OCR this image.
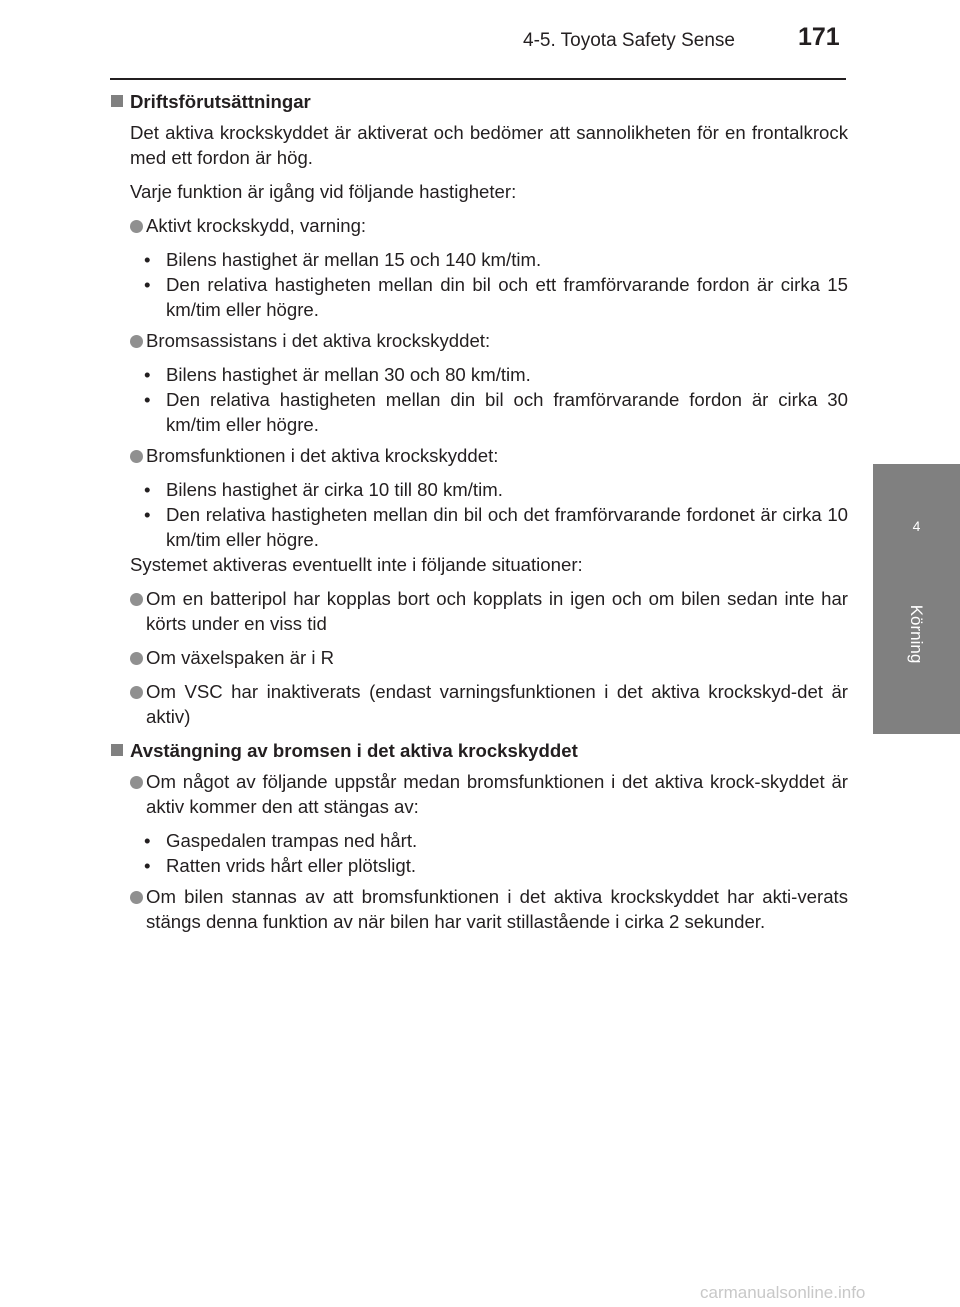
4-5. Toyota Safety Sense	171
4
Körning

Driftsförutsättningar

Det aktiva krockskyddet är aktiverat och bedömer att sannolikheten för en frontalkrock med ett fordon är hög.

Varje funktion är igång vid följande hastigheter:

Aktivt krockskydd, varning:

• Bilens hastighet är mellan 15 och 140 km/tim.

• Den relativa hastigheten mellan din bil och ett framförvarande fordon är cirka 15 km/tim eller högre.

Bromsassistans i det aktiva krockskyddet:

• Bilens hastighet är mellan 30 och 80 km/tim.

• Den relativa hastigheten mellan din bil och framförvarande fordon är cirka 30 km/tim eller högre.

Bromsfunktionen i det aktiva krockskyddet:

• Bilens hastighet är cirka 10 till 80 km/tim.

• Den relativa hastigheten mellan din bil och det framförvarande fordonet är cirka 10 km/tim eller högre.

Systemet aktiveras eventuellt inte i följande situationer:

Om en batteripol har kopplas bort och kopplats in igen och om bilen sedan inte har körts under en viss tid

Om växelspaken är i R

Om VSC har inaktiverats (endast varningsfunktionen i det aktiva krockskyd-det är aktiv)

Avstängning av bromsen i det aktiva krockskyddet

Om något av följande uppstår medan bromsfunktionen i det aktiva krock-skyddet är aktiv kommer den att stängas av:

• Gaspedalen trampas ned hårt.

• Ratten vrids hårt eller plötsligt.

Om bilen stannas av att bromsfunktionen i det aktiva krockskyddet har akti-verats stängs denna funktion av när bilen har varit stillastående i cirka 2 sekunder.

carmanualsonline.info
